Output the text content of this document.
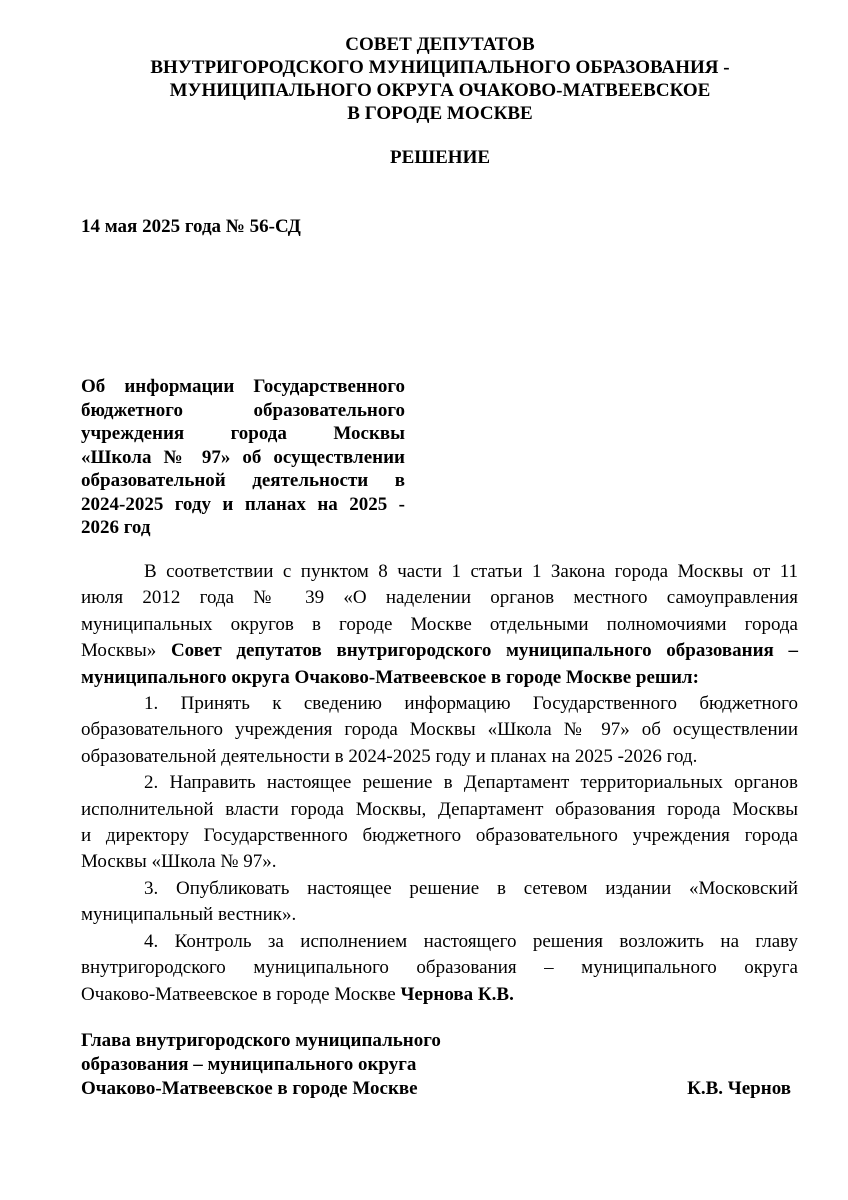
СОВЕТ ДЕПУТАТОВ
ВНУТРИГОРОДСКОГО МУНИЦИПАЛЬНОГО ОБРАЗОВАНИЯ -
МУНИЦИПАЛЬНОГО ОКРУГА ОЧАКОВО-МАТВЕЕВСКОЕ
В ГОРОДЕ МОСКВЕ
РЕШЕНИЕ
14 мая 2025 года № 56-СД
Об информации Государственного
бюджетного образовательного
учреждения города Москвы
«Школа № 97» об осуществлении
образовательной деятельности в
2024-2025 году и планах на 2025 -
2026 год
В соответствии с пунктом 8 части 1 статьи 1 Закона города Москвы от 11
июля 2012 года № 39 «О наделении органов местного самоуправления
муниципальных округов в городе Москве отдельными полномочиями города
Москвы» Совет депутатов внутригородского муниципального образования –
муниципального округа Очаково-Матвеевское в городе Москве решил:
1. Принять к сведению информацию Государственного бюджетного
образовательного учреждения города Москвы «Школа № 97» об осуществлении
образовательной деятельности в 2024-2025 году и планах на 2025 -2026 год.
2. Направить настоящее решение в Департамент территориальных органов
исполнительной власти города Москвы, Департамент образования города Москвы
и директору Государственного бюджетного образовательного учреждения города
Москвы «Школа № 97».
3. Опубликовать настоящее решение в сетевом издании «Московский
муниципальный вестник».
4. Контроль за исполнением настоящего решения возложить на главу
внутригородского муниципального образования – муниципального округа
Очаково-Матвеевское в городе Москве Чернова К.В.
Глава внутригородского муниципального
образования – муниципального округа
Очаково-Матвеевское в городе Москве	К.В. Чернов
